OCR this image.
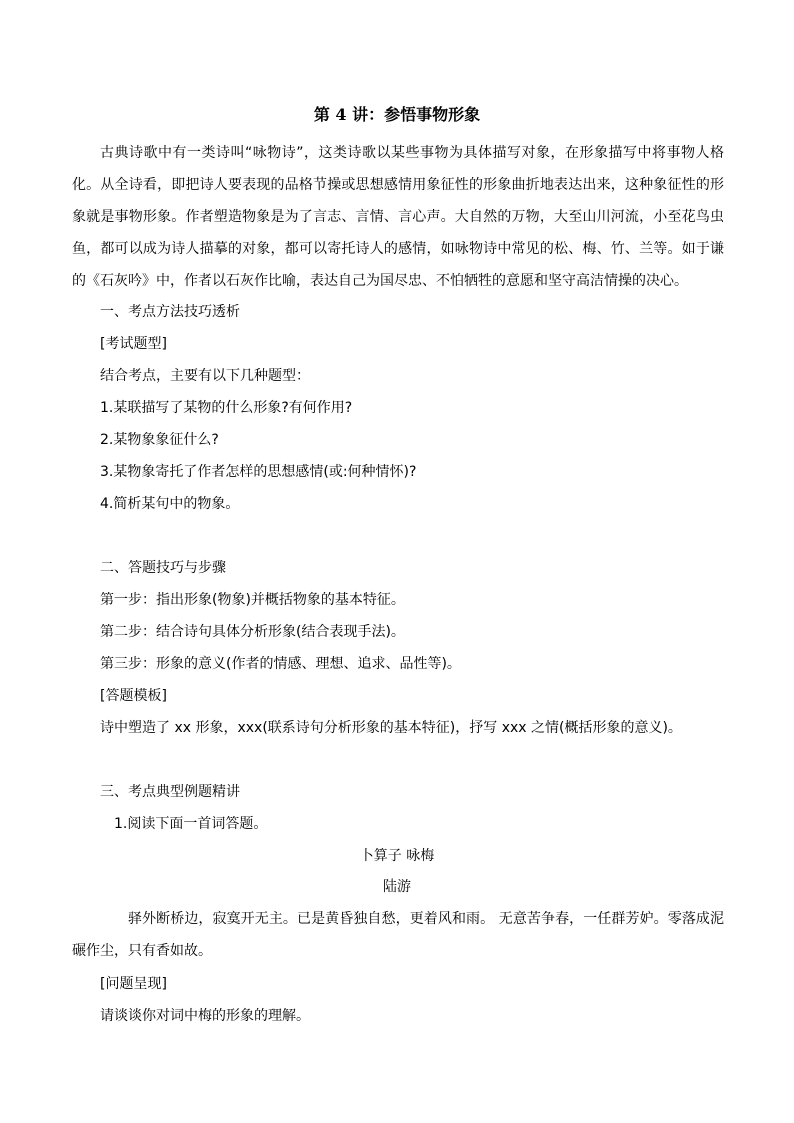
第 4 讲：参悟事物形象
古典诗歌中有一类诗叫“咏物诗”，这类诗歌以某些事物为具体描写对象，在形象描写中将事物人格化。从全诗看，即把诗人要表现的品格节操或思想感情用象征性的形象曲折地表达出来，这种象征性的形象就是事物形象。作者塑造物象是为了言志、言情、言心声。大自然的万物，大至山川河流，小至花鸟虫鱼，都可以成为诗人描摹的对象，都可以寄托诗人的感情，如咏物诗中常见的松、梅、竹、兰等。如于谦的《石灰吟》中，作者以石灰作比喻，表达自己为国尽忠、不怕牺牲的意愿和坚守高洁情操的决心。
一、考点方法技巧透析
[考试题型]
结合考点，主要有以下几种题型：
1.某联描写了某物的什么形象?有何作用?
2.某物象象征什么?
3.某物象寄托了作者怎样的思想感情(或:何种情怀)?
4.简析某句中的物象。
二、答题技巧与步骤
第一步：指出形象(物象)并概括物象的基本特征。
第二步：结合诗句具体分析形象(结合表现手法)。
第三步：形象的意义(作者的情感、理想、追求、品性等)。
[答题模板]
诗中塑造了 xx 形象，xxx(联系诗句分析形象的基本特征)，抒写 xxx 之情(概括形象的意义)。
三、考点典型例题精讲
1.阅读下面一首词答题。
卜算子 咏梅
陆游
驿外断桥边，寂寞开无主。已是黄昏独自愁，更着风和雨。 无意苦争春，一任群芳妒。零落成泥碾作尘，只有香如故。
[问题呈现]
请谈谈你对词中梅的形象的理解。
